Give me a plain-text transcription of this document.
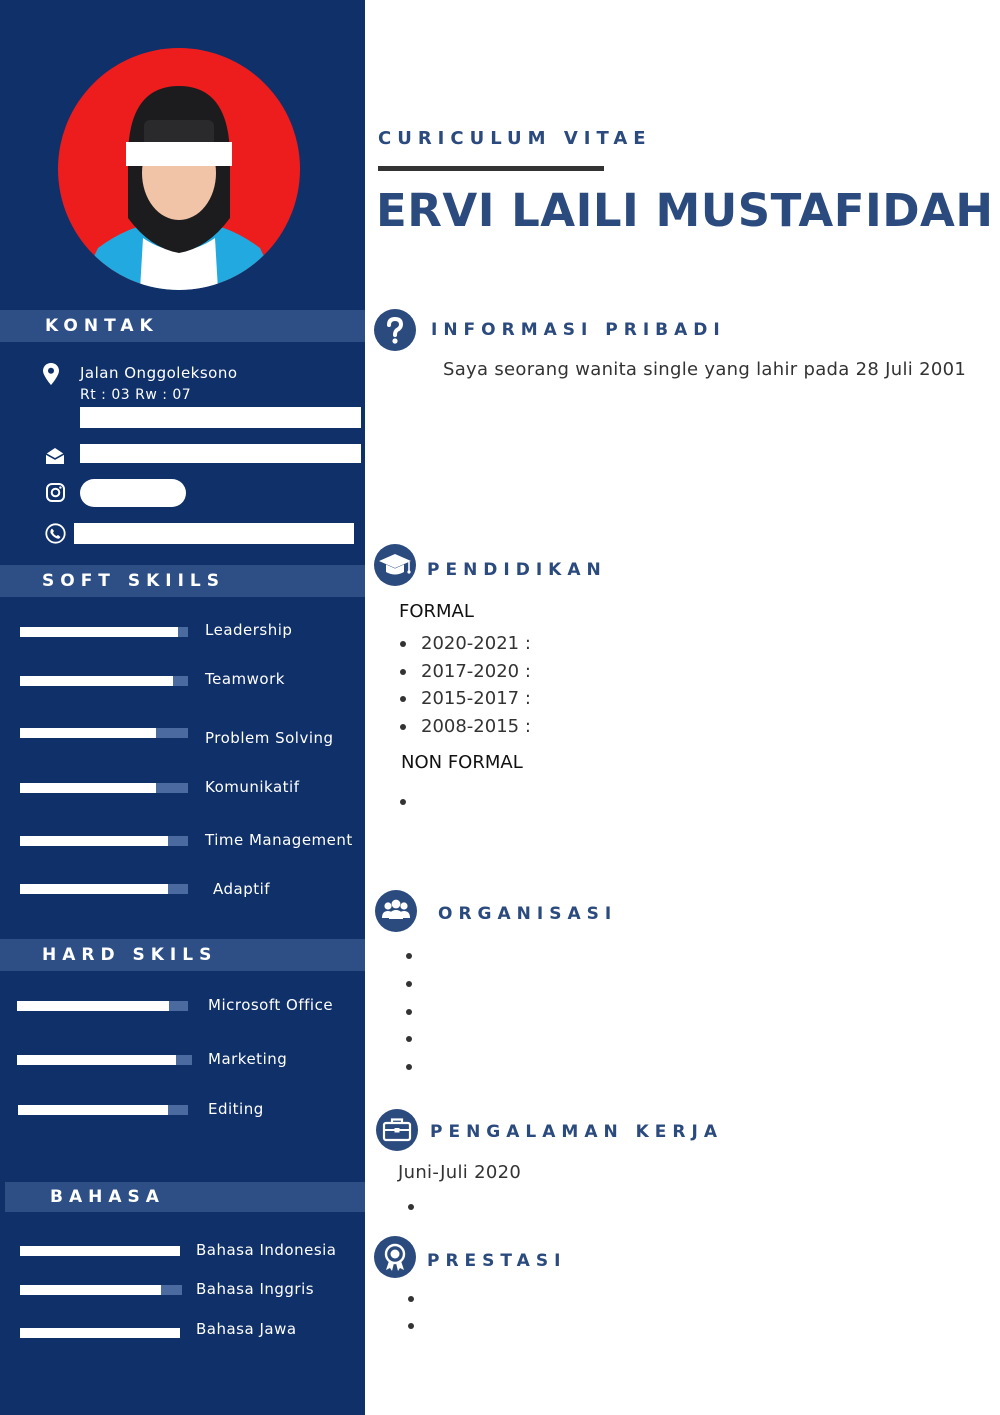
KONTAK
Jalan Onggoleksono
Rt : 03 Rw : 07
SOFT SKIILS
Leadership
Teamwork
Problem Solving
Komunikatif
Time Management
Adaptif
HARD SKILS
Microsoft Office
Marketing
Editing
BAHASA
Bahasa Indonesia
Bahasa Inggris
Bahasa Jawa
CURICULUM VITAE
ERVI LAILI MUSTAFIDAH
INFORMASI PRIBADI
Saya seorang wanita single yang lahir pada 28 Juli 2001
PENDIDIKAN
FORMAL
2020-2021 :
2017-2020 :
2015-2017 :
2008-2015 :
NON FORMAL
ORGANISASI
PENGALAMAN KERJA
Juni-Juli 2020
PRESTASI
